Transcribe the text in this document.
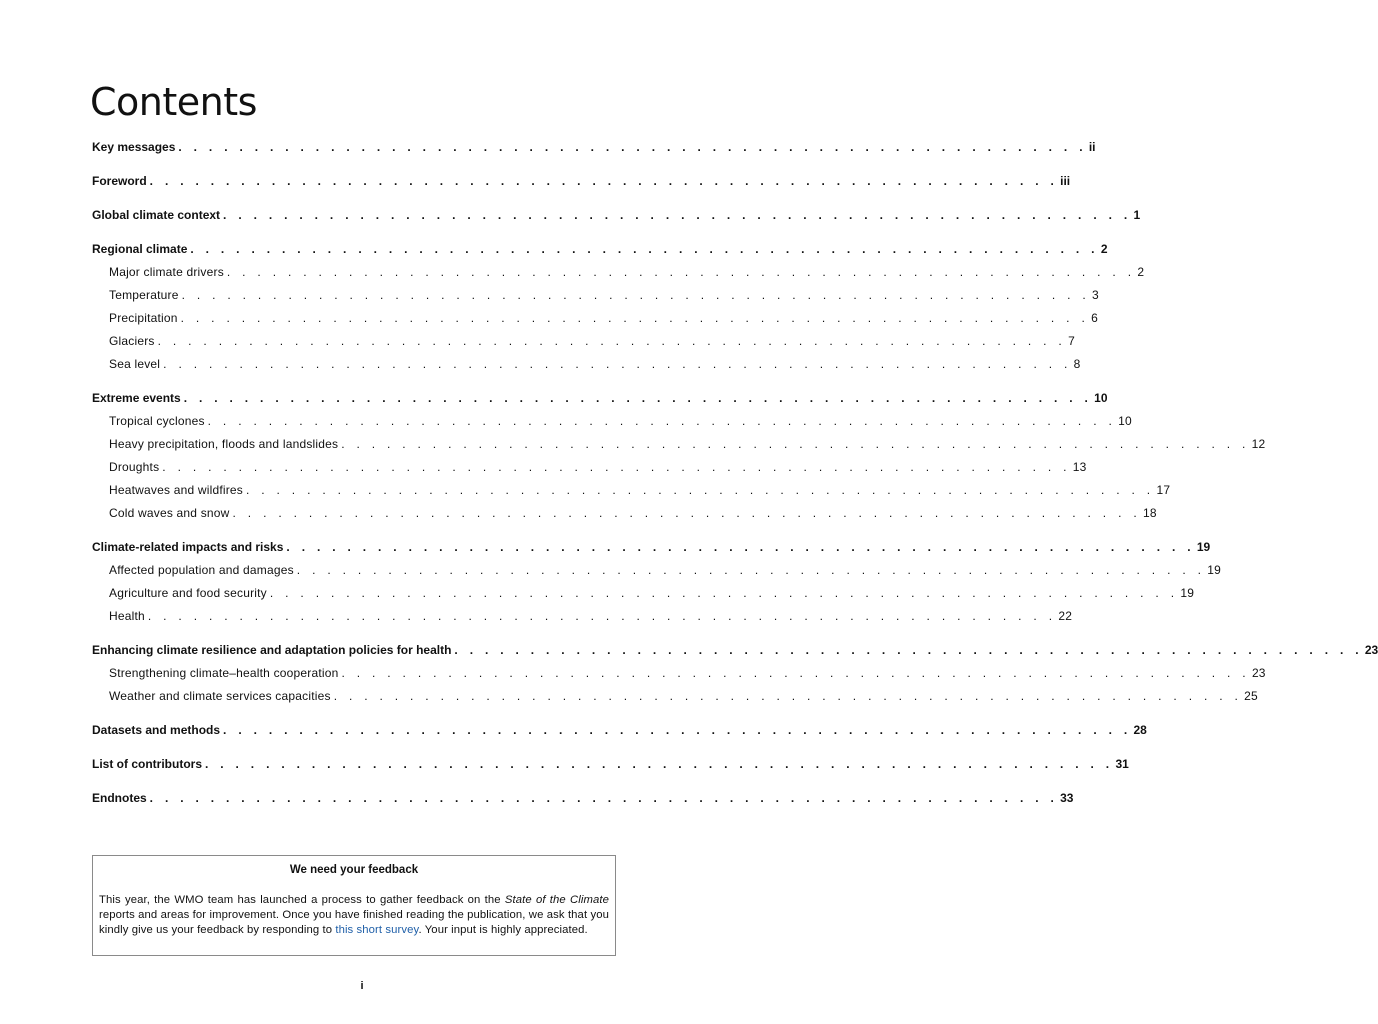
Contents
Key messages . . . . . . . . . . . . . . . . . . . . . . . . . . . . . . . . . . . . . . . . . . . . . . . . . . . . . . . . . . . . ii
Foreword . . . . . . . . . . . . . . . . . . . . . . . . . . . . . . . . . . . . . . . . . . . . . . . . . . . . . . . . . . . . iii
Global climate context . . . . . . . . . . . . . . . . . . . . . . . . . . . . . . . . . . . . . . . . . . . . . . . . . . . . . . . . . . . . 1
Regional climate . . . . . . . . . . . . . . . . . . . . . . . . . . . . . . . . . . . . . . . . . . . . . . . . . . . . . . . . . . . . 2
Major climate drivers . . . . . . . . . . . . . . . . . . . . . . . . . . . . . . . . . . . . . . . . . . . . . . . . . . . . . . . . . . . . 2
Temperature . . . . . . . . . . . . . . . . . . . . . . . . . . . . . . . . . . . . . . . . . . . . . . . . . . . . . . . . . . . . 3
Precipitation . . . . . . . . . . . . . . . . . . . . . . . . . . . . . . . . . . . . . . . . . . . . . . . . . . . . . . . . . . . . 6
Glaciers . . . . . . . . . . . . . . . . . . . . . . . . . . . . . . . . . . . . . . . . . . . . . . . . . . . . . . . . . . . . 7
Sea level . . . . . . . . . . . . . . . . . . . . . . . . . . . . . . . . . . . . . . . . . . . . . . . . . . . . . . . . . . . . 8
Extreme events . . . . . . . . . . . . . . . . . . . . . . . . . . . . . . . . . . . . . . . . . . . . . . . . . . . . . . . . . . . . 10
Tropical cyclones . . . . . . . . . . . . . . . . . . . . . . . . . . . . . . . . . . . . . . . . . . . . . . . . . . . . . . . . . . . . 10
Heavy precipitation, floods and landslides . . . . . . . . . . . . . . . . . . . . . . . . . . . . . . . . . . . . . . . . . . . . . . . . . . . . . . . . . . . . 12
Droughts . . . . . . . . . . . . . . . . . . . . . . . . . . . . . . . . . . . . . . . . . . . . . . . . . . . . . . . . . . . . 13
Heatwaves and wildfires . . . . . . . . . . . . . . . . . . . . . . . . . . . . . . . . . . . . . . . . . . . . . . . . . . . . . . . . . . . . 17
Cold waves and snow . . . . . . . . . . . . . . . . . . . . . . . . . . . . . . . . . . . . . . . . . . . . . . . . . . . . . . . . . . . . 18
Climate-related impacts and risks . . . . . . . . . . . . . . . . . . . . . . . . . . . . . . . . . . . . . . . . . . . . . . . . . . . . . . . . . . . . 19
Affected population and damages . . . . . . . . . . . . . . . . . . . . . . . . . . . . . . . . . . . . . . . . . . . . . . . . . . . . . . . . . . . . 19
Agriculture and food security . . . . . . . . . . . . . . . . . . . . . . . . . . . . . . . . . . . . . . . . . . . . . . . . . . . . . . . . . . . . 19
Health . . . . . . . . . . . . . . . . . . . . . . . . . . . . . . . . . . . . . . . . . . . . . . . . . . . . . . . . . . . . 22
Enhancing climate resilience and adaptation policies for health . . . . . . . . . . . . . . . . . . . . . . . . . . . . . . . . . . . . . . . . . . . . . . . . . . . . . . . . . . . . 23
Strengthening climate–health cooperation . . . . . . . . . . . . . . . . . . . . . . . . . . . . . . . . . . . . . . . . . . . . . . . . . . . . . . . . . . . . 23
Weather and climate services capacities . . . . . . . . . . . . . . . . . . . . . . . . . . . . . . . . . . . . . . . . . . . . . . . . . . . . . . . . . . . . 25
Datasets and methods . . . . . . . . . . . . . . . . . . . . . . . . . . . . . . . . . . . . . . . . . . . . . . . . . . . . . . . . . . . . 28
List of contributors . . . . . . . . . . . . . . . . . . . . . . . . . . . . . . . . . . . . . . . . . . . . . . . . . . . . . . . . . . . . 31
Endnotes . . . . . . . . . . . . . . . . . . . . . . . . . . . . . . . . . . . . . . . . . . . . . . . . . . . . . . . . . . . . 33
We need your feedback

This year, the WMO team has launched a process to gather feedback on the State of the Climate reports and areas for improvement. Once you have finished reading the publication, we ask that you kindly give us your feedback by responding to this short survey. Your input is highly appreciated.

i
